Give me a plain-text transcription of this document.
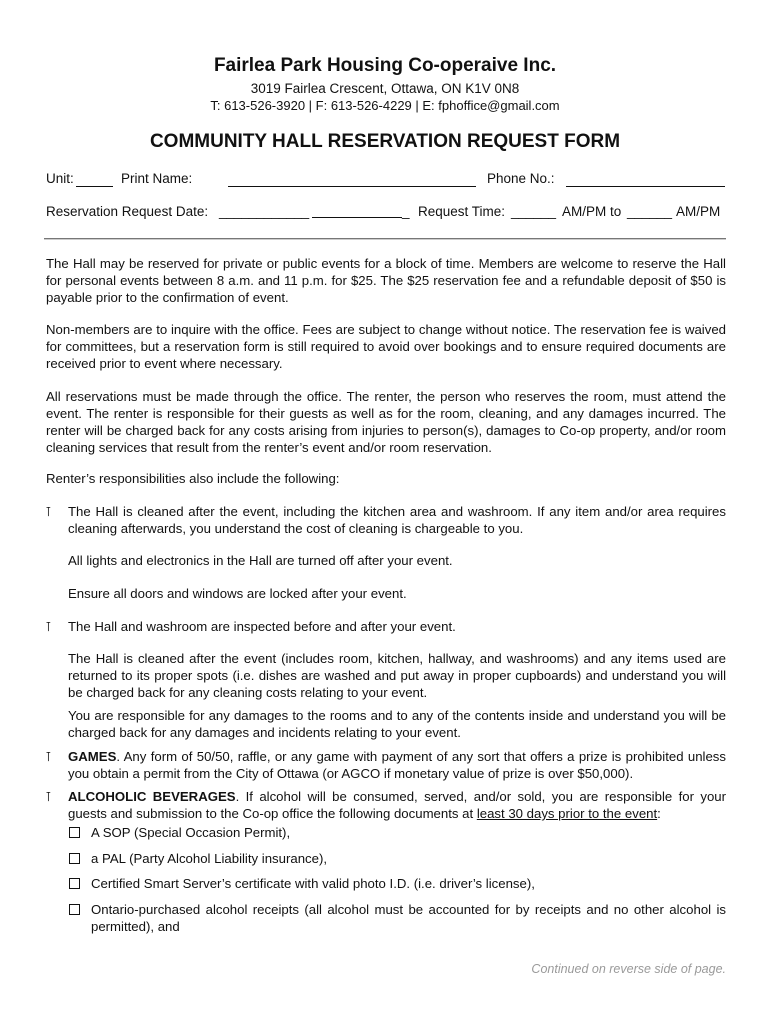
Fairlea Park Housing Co-operaive Inc.
3019 Fairlea Crescent, Ottawa, ON K1V 0N8
T: 613-526-3920 | F: 613-526-4229 | E: fphoffice@gmail.com
COMMUNITY HALL RESERVATION REQUEST FORM
Unit:	Print Name:	Phone No.:
Reservation Request Date: ____________	_ Request Time: ______ AM/PM to ______ AM/PM
The Hall may be reserved for private or public events for a block of time. Members are welcome to reserve the Hall for personal events between 8 a.m. and 11 p.m. for $25. The $25 reservation fee and a refundable deposit of $50 is payable prior to the confirmation of event.
Non-members are to inquire with the office. Fees are subject to change without notice. The reservation fee is waived for committees, but a reservation form is still required to avoid over bookings and to ensure required documents are received prior to event where necessary.
All reservations must be made through the office. The renter, the person who reserves the room, must attend the event. The renter is responsible for their guests as well as for the room, cleaning, and any damages incurred. The renter will be charged back for any costs arising from injuries to person(s), damages to Co-op property, and/or room cleaning services that result from the renter’s event and/or room reservation.
Renter’s responsibilities also include the following:
⊺ The Hall is cleaned after the event, including the kitchen area and washroom. If any item and/or area requires cleaning afterwards, you understand the cost of cleaning is chargeable to you.
All lights and electronics in the Hall are turned off after your event.
Ensure all doors and windows are locked after your event.
⊺ The Hall and washroom are inspected before and after your event.
The Hall is cleaned after the event (includes room, kitchen, hallway, and washrooms) and any items used are returned to its proper spots (i.e. dishes are washed and put away in proper cupboards) and understand you will be charged back for any cleaning costs relating to your event.
You are responsible for any damages to the rooms and to any of the contents inside and understand you will be charged back for any damages and incidents relating to your event.
⊺ GAMES. Any form of 50/50, raffle, or any game with payment of any sort that offers a prize is prohibited unless you obtain a permit from the City of Ottawa (or AGCO if monetary value of prize is over $50,000).
⊺ ALCOHOLIC BEVERAGES. If alcohol will be consumed, served, and/or sold, you are responsible for your guests and submission to the Co-op office the following documents at least 30 days prior to the event:
A SOP (Special Occasion Permit),
a PAL (Party Alcohol Liability insurance),
Certified Smart Server’s certificate with valid photo I.D. (i.e. driver’s license),
Ontario-purchased alcohol receipts (all alcohol must be accounted for by receipts and no other alcohol is permitted), and
Continued on reverse side of page.
